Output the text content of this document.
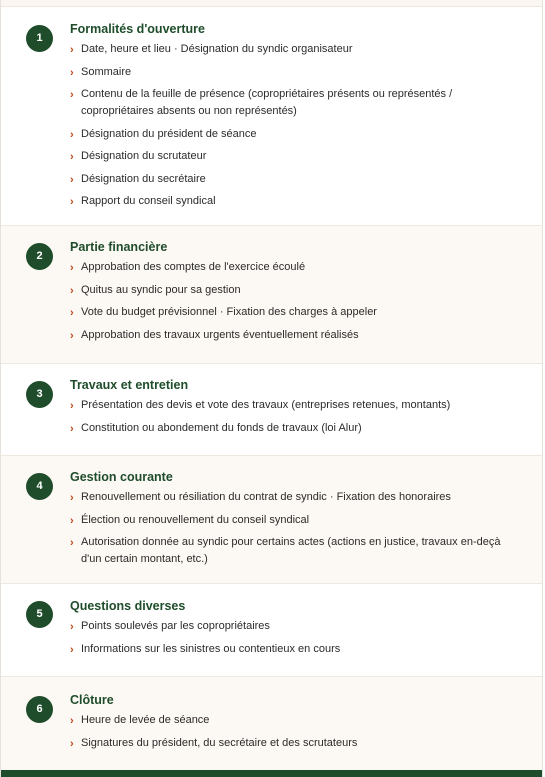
1
Formalités d'ouverture
› Date, heure et lieu · Désignation du syndic organisateur
› Sommaire
› Contenu de la feuille de présence (copropriétaires présents ou représentés / copropriétaires absents ou non représentés)
› Désignation du président de séance
› Désignation du scrutateur
› Désignation du secrétaire
› Rapport du conseil syndical
2
Partie financière
› Approbation des comptes de l'exercice écoulé
› Quitus au syndic pour sa gestion
› Vote du budget prévisionnel · Fixation des charges à appeler
› Approbation des travaux urgents éventuellement réalisés
3
Travaux et entretien
› Présentation des devis et vote des travaux (entreprises retenues, montants)
› Constitution ou abondement du fonds de travaux (loi Alur)
4
Gestion courante
› Renouvellement ou résiliation du contrat de syndic · Fixation des honoraires
› Élection ou renouvellement du conseil syndical
› Autorisation donnée au syndic pour certains actes (actions en justice, travaux en-deçà d'un certain montant, etc.)
5
Questions diverses
› Points soulevés par les copropriétaires
› Informations sur les sinistres ou contentieux en cours
6
Clôture
› Heure de levée de séance
› Signatures du président, du secrétaire et des scrutateurs
